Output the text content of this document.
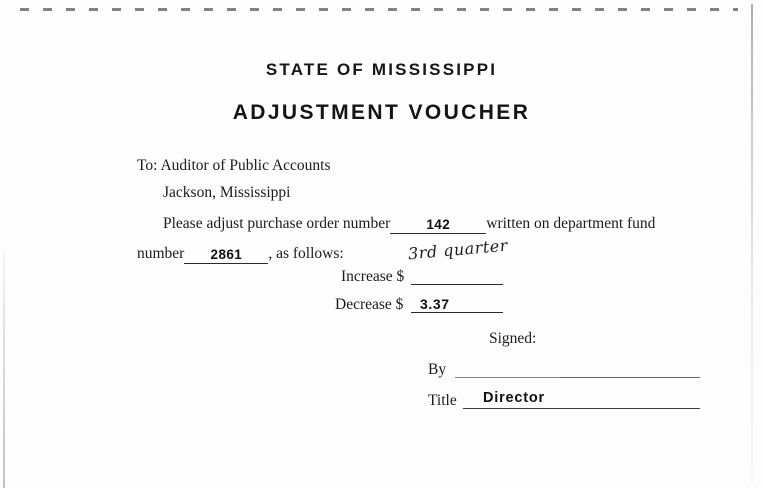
STATE OF MISSISSIPPI
ADJUSTMENT VOUCHER
To: Auditor of Public Accounts
Jackson, Mississippi
Please adjust purchase order number	142 written on department fund
number 2861 , as follows:	3rd quarter
Increase $
Decrease $ 3.37
Signed:
By
Title Director
